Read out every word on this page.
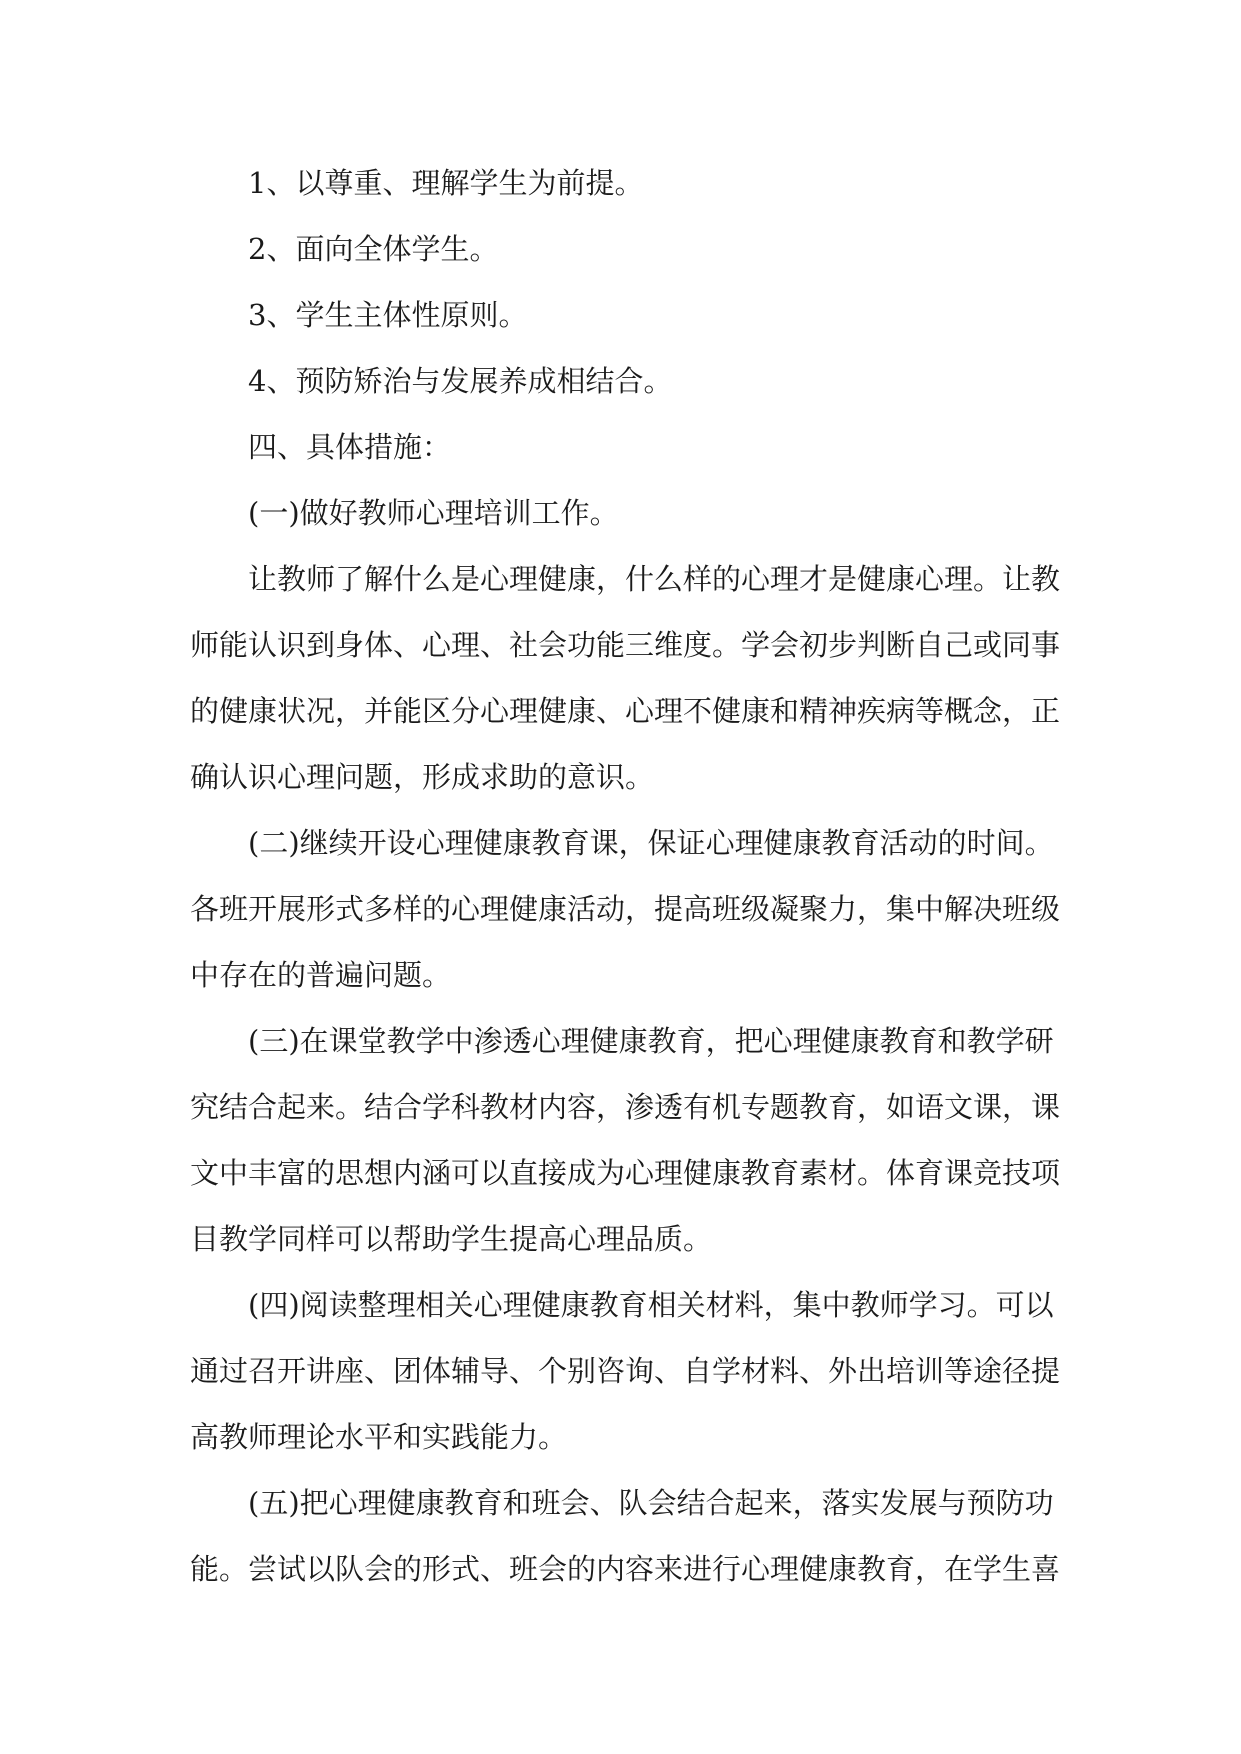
1、以尊重、理解学生为前提。
2、面向全体学生。
3、学生主体性原则。
4、预防矫治与发展养成相结合。
四、具体措施：
(一)做好教师心理培训工作。
让教师了解什么是心理健康，什么样的心理才是健康心理。让教
师能认识到身体、心理、社会功能三维度。学会初步判断自己或同事
的健康状况，并能区分心理健康、心理不健康和精神疾病等概念，正
确认识心理问题，形成求助的意识。
(二)继续开设心理健康教育课，保证心理健康教育活动的时间。
各班开展形式多样的心理健康活动，提高班级凝聚力，集中解决班级
中存在的普遍问题。
(三)在课堂教学中渗透心理健康教育，把心理健康教育和教学研
究结合起来。结合学科教材内容，渗透有机专题教育，如语文课，课
文中丰富的思想内涵可以直接成为心理健康教育素材。体育课竞技项
目教学同样可以帮助学生提高心理品质。
(四)阅读整理相关心理健康教育相关材料，集中教师学习。可以
通过召开讲座、团体辅导、个别咨询、自学材料、外出培训等途径提
高教师理论水平和实践能力。
(五)把心理健康教育和班会、队会结合起来，落实发展与预防功
能。尝试以队会的形式、班会的内容来进行心理健康教育，在学生喜
